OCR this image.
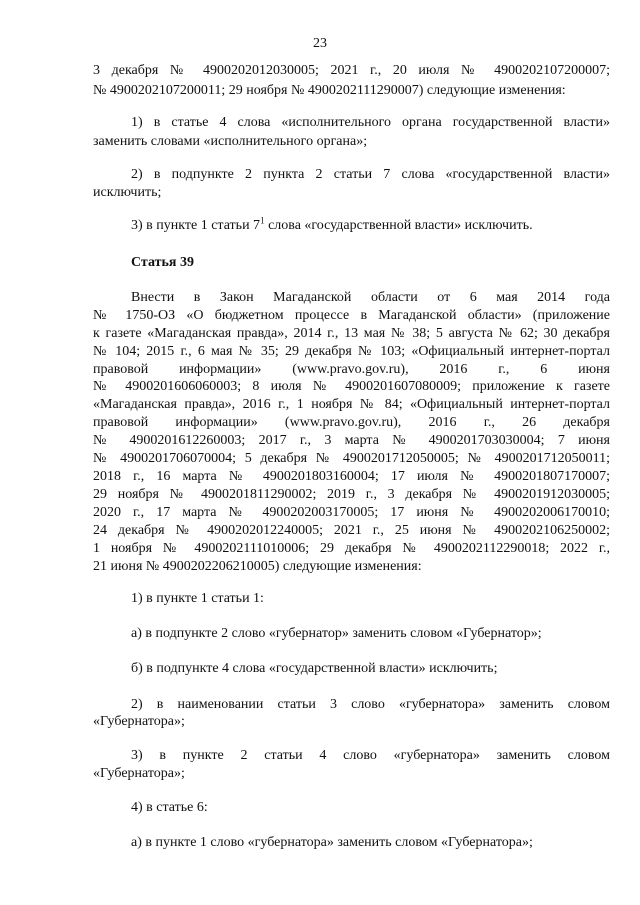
23
3 декабря № 4900202012030005; 2021 г., 20 июля № 4900202107200007;
№ 4900202107200011; 29 ноября № 4900202111290007) следующие изменения:
1) в статье 4 слова «исполнительного органа государственной власти»
заменить словами «исполнительного органа»;
2) в подпункте 2 пункта 2 статьи 7 слова «государственной власти»
исключить;
3) в пункте 1 статьи $7^1$ слова «государственной власти» исключить.
Статья 39
Внести в Закон Магаданской области от 6 мая 2014 года
№ 1750-ОЗ «О бюджетном процессе в Магаданской области» (приложение
к газете «Магаданская правда», 2014 г., 13 мая № 38; 5 августа № 62; 30 декабря
№ 104; 2015 г., 6 мая № 35; 29 декабря № 103; «Официальный интернет-портал
правовой информации» (www.pravo.gov.ru), 2016 г., 6 июня
№ 4900201606060003; 8 июля № 4900201607080009; приложение к газете
«Магаданская правда», 2016 г., 1 ноября № 84; «Официальный интернет-портал
правовой информации» (www.pravo.gov.ru), 2016 г., 26 декабря
№ 4900201612260003; 2017 г., 3 марта № 4900201703030004; 7 июня
№ 4900201706070004; 5 декабря № 4900201712050005; № 4900201712050011;
2018 г., 16 марта № 4900201803160004; 17 июля № 4900201807170007;
29 ноября № 4900201811290002; 2019 г., 3 декабря № 4900201912030005;
2020 г., 17 марта № 4900202003170005; 17 июня № 4900202006170010;
24 декабря № 4900202012240005; 2021 г., 25 июня № 4900202106250002;
1 ноября № 4900202111010006; 29 декабря № 4900202112290018; 2022 г.,
21 июня № 4900202206210005) следующие изменения:
1) в пункте 1 статьи 1:
а) в подпункте 2 слово «губернатор» заменить словом «Губернатор»;
б) в подпункте 4 слова «государственной власти» исключить;
2) в наименовании статьи 3 слово «губернатора» заменить словом
«Губернатора»;
3) в пункте 2 статьи 4 слово «губернатора» заменить словом
«Губернатора»;
4) в статье 6:
а) в пункте 1 слово «губернатора» заменить словом «Губернатора»;
